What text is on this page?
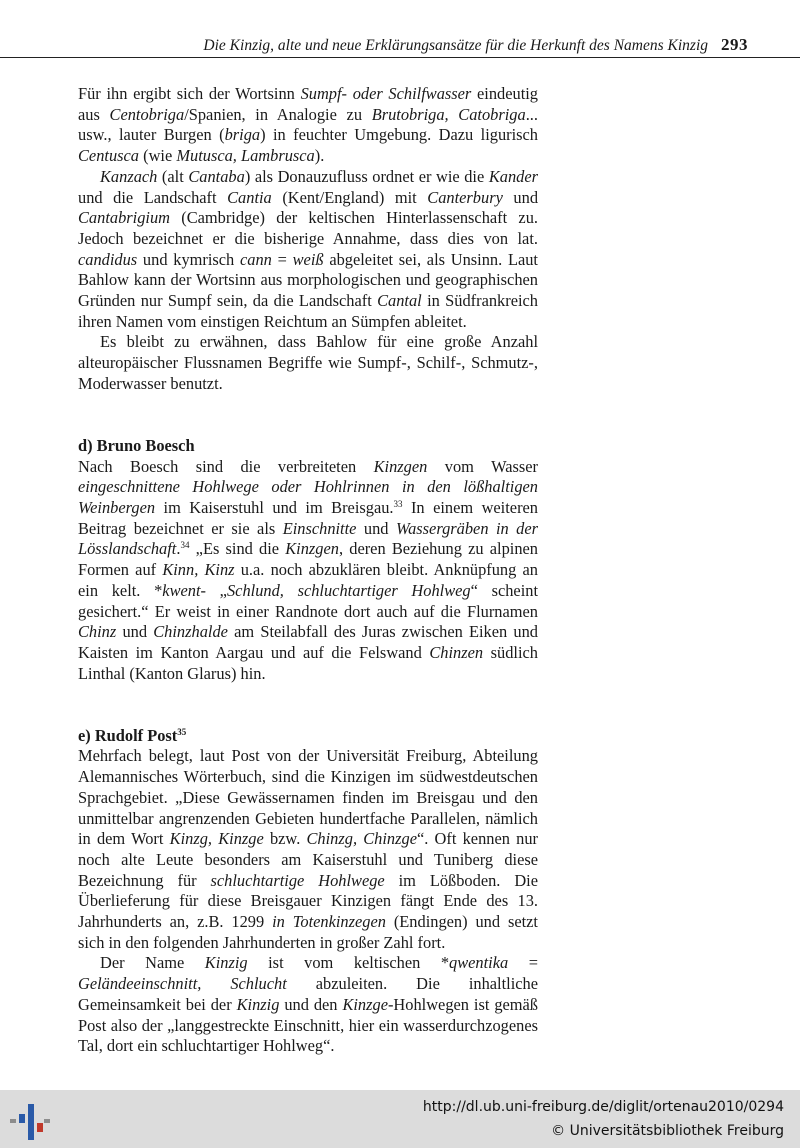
Die Kinzig, alte und neue Erklärungsansätze für die Herkunft des Namens Kinzig 293

Für ihn ergibt sich der Wortsinn Sumpf- oder Schilfwasser eindeutig aus Centobriga/Spanien, in Analogie zu Brutobriga, Catobriga... usw., lauter Burgen (briga) in feuchter Umgebung. Dazu ligurisch Centusca (wie Mutusca, Lambrusca).

Kanzach (alt Cantaba) als Donauzufluss ordnet er wie die Kander und die Landschaft Cantia (Kent/England) mit Canterbury und Cantabrigium (Cambridge) der keltischen Hinterlassenschaft zu. Jedoch bezeichnet er die bisherige Annahme, dass dies von lat. candidus und kymrisch cann = weiß abgeleitet sei, als Unsinn. Laut Bahlow kann der Wortsinn aus morphologischen und geographischen Gründen nur Sumpf sein, da die Landschaft Cantal in Südfrankreich ihren Namen vom einstigen Reichtum an Sümpfen ableitet.

Es bleibt zu erwähnen, dass Bahlow für eine große Anzahl alteuropäischer Flussnamen Begriffe wie Sumpf-, Schilf-, Schmutz-, Moderwasser benutzt.

d) Bruno Boesch

Nach Boesch sind die verbreiteten Kinzgen vom Wasser eingeschnittene Hohlwege oder Hohlrinnen in den lößhaltigen Weinbergen im Kaiserstuhl und im Breisgau.$^{33}$ In einem weiteren Beitrag bezeichnet er sie als Einschnitte und Wassergräben in der Lösslandschaft.$^{34}$ „Es sind die Kinzgen, deren Beziehung zu alpinen Formen auf Kinn, Kinz u.a. noch abzuklären bleibt. Anknüpfung an ein kelt. *kwent- „Schlund, schluchtartiger Hohlweg“ scheint gesichert.“ Er weist in einer Randnote dort auch auf die Flurnamen Chinz und Chinzhalde am Steilabfall des Juras zwischen Eiken und Kaisten im Kanton Aargau und auf die Felswand Chinzen südlich Linthal (Kanton Glarus) hin.

e) Rudolf Post$^{35}$

Mehrfach belegt, laut Post von der Universität Freiburg, Abteilung Alemannisches Wörterbuch, sind die Kinzigen im südwestdeutschen Sprachgebiet. „Diese Gewässernamen finden im Breisgau und den unmittelbar angrenzenden Gebieten hundertfache Parallelen, nämlich in dem Wort Kinzg, Kinzge bzw. Chinzg, Chinzge“. Oft kennen nur noch alte Leute besonders am Kaiserstuhl und Tuniberg diese Bezeichnung für schluchtartige Hohlwege im Lößboden. Die Überlieferung für diese Breisgauer Kinzigen fängt Ende des 13. Jahrhunderts an, z.B. 1299 in Totenkinzegen (Endingen) und setzt sich in den folgenden Jahrhunderten in großer Zahl fort.

Der Name Kinzig ist vom keltischen *qwentika = Geländeeinschnitt, Schlucht abzuleiten. Die inhaltliche Gemeinsamkeit bei der Kinzig und den Kinzge-Hohlwegen ist gemäß Post also der „langgestreckte Einschnitt, hier ein wasserdurchzogenes Tal, dort ein schluchtartiger Hohlweg“.

http://dl.ub.uni-freiburg.de/diglit/ortenau2010/0294
© Universitätsbibliothek Freiburg
